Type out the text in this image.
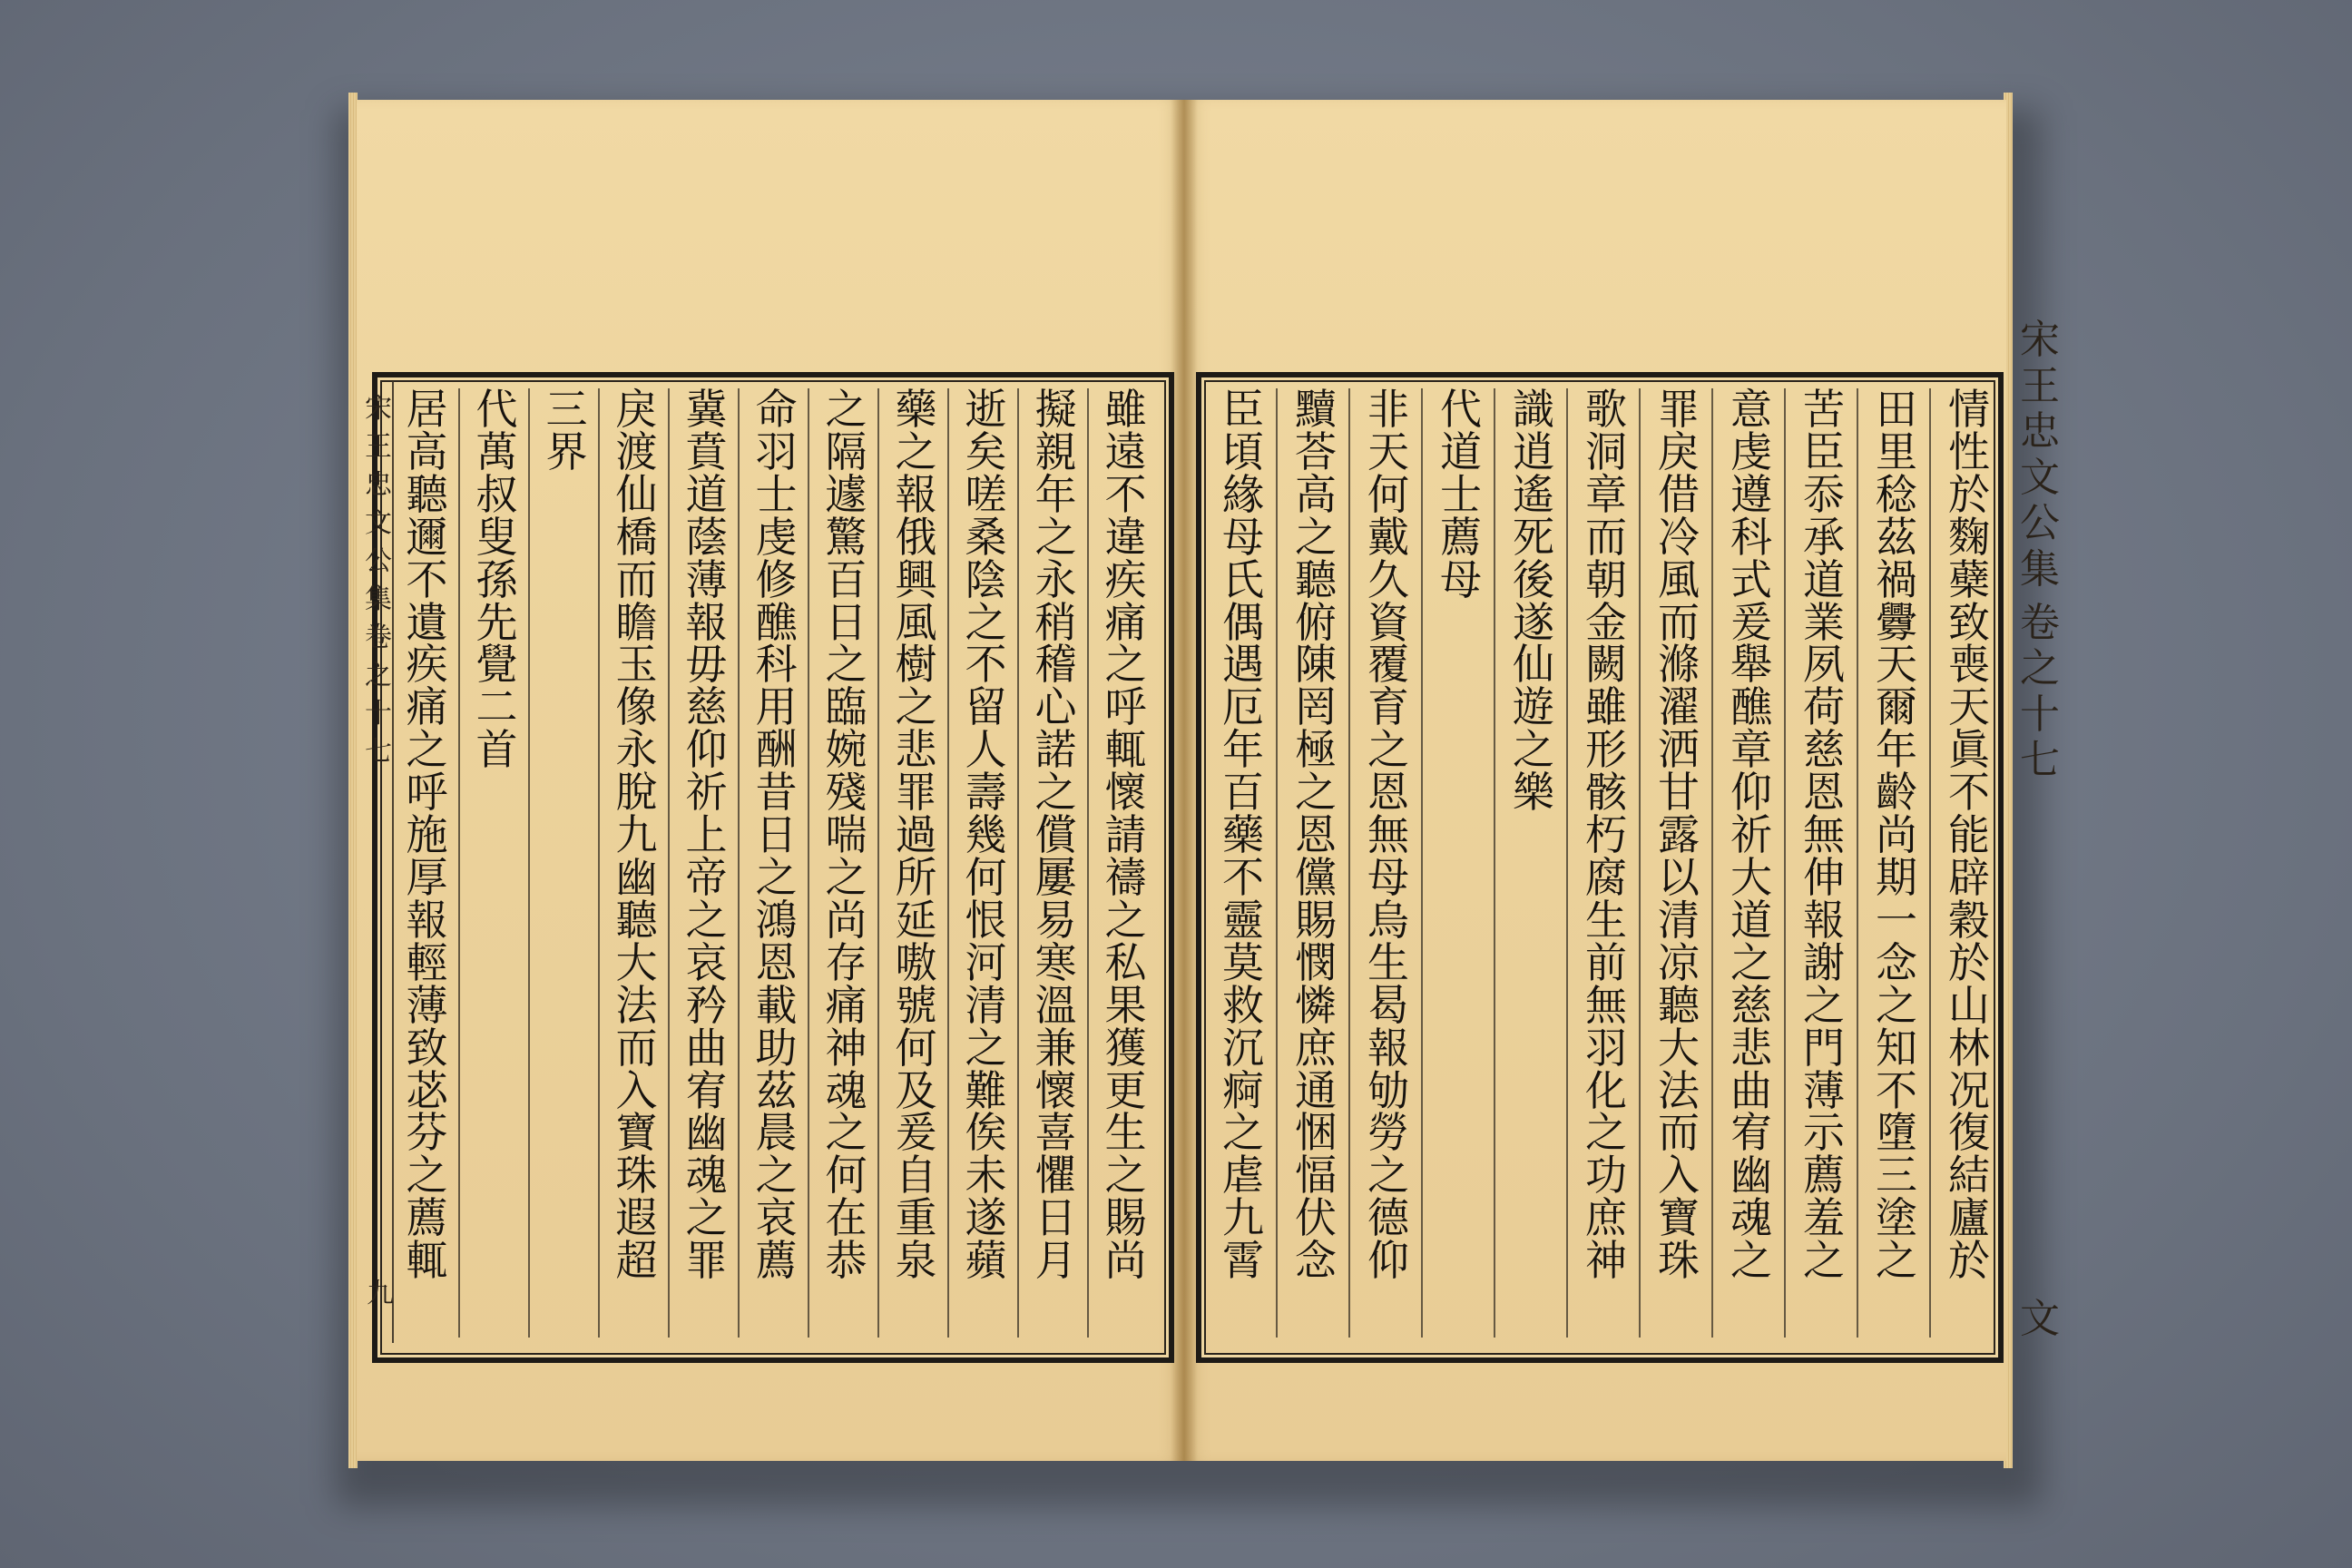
宋
王
忠
文
公
集
卷
之
十
七
九
居
高
聽
邇
不
遺
疾
痛
之
呼
施
厚
報
輕
薄
致
苾
芬
之
薦
輒
代
萬
叔
叟
孫
先
覺
二
首
三
界
戾
渡
仙
橋
而
瞻
玉
像
永
脫
九
幽
聽
大
法
而
入
寶
珠
遐
超
冀
賁
道
蔭
薄
報
毋
慈
仰
祈
上
帝
之
哀
矜
曲
宥
幽
魂
之
罪
命
羽
士
虔
修
醮
科
用
酬
昔
日
之
鴻
恩
載
助
茲
晨
之
哀
薦
之
隔
遽
驚
百
日
之
臨
婉
殘
喘
之
尚
存
痛
神
魂
之
何
在
恭
藥
之
報
俄
興
風
樹
之
悲
罪
過
所
延
嗷
號
何
及
爰
自
重
泉
逝
矣
嗟
桑
陰
之
不
留
人
壽
幾
何
恨
河
清
之
難
俟
未
遂
蘋
擬
親
年
之
永
稍
稽
心
諾
之
償
屢
易
寒
溫
兼
懷
喜
懼
日
月
雖
遠
不
違
疾
痛
之
呼
輒
懷
請
禱
之
私
果
獲
更
生
之
賜
尚
臣
頃
緣
母
氏
偶
遇
厄
年
百
藥
不
靈
莫
救
沉
痾
之
虐
九
霄
黷
荅
高
之
聽
俯
陳
罔
極
之
恩
儻
賜
憫
憐
庶
通
悃
愊
伏
念
非
天
何
戴
久
資
覆
育
之
恩
無
母
烏
生
曷
報
劬
勞
之
德
仰
代
道
士
薦
母
識
逍
遙
死
後
遂
仙
遊
之
樂
歌
洞
章
而
朝
金
闕
雖
形
骸
朽
腐
生
前
無
羽
化
之
功
庶
神
罪
戾
借
冷
風
而
滌
濯
洒
甘
露
以
清
凉
聽
大
法
而
入
寶
珠
意
虔
遵
科
式
爰
舉
醮
章
仰
祈
大
道
之
慈
悲
曲
宥
幽
魂
之
苦
臣
忝
承
道
業
夙
荷
慈
恩
無
伸
報
謝
之
門
薄
示
薦
羞
之
田
里
稔
茲
禍
釁
天
爾
年
齡
尚
期
一
念
之
知
不
墮
三
塗
之
情
性
於
麴
蘗
致
喪
天
眞
不
能
辟
穀
於
山
林
况
復
結
廬
於
宋
王
忠
文
公
集
卷
之
十
七
文
